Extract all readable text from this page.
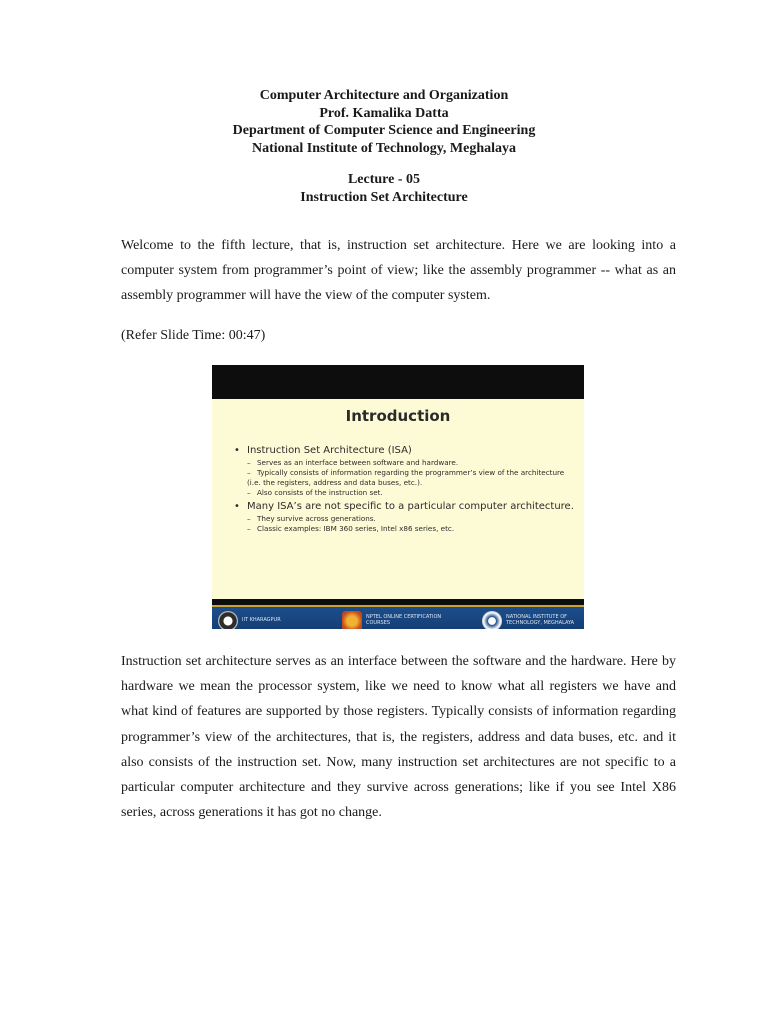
Computer Architecture and Organization
Prof. Kamalika Datta
Department of Computer Science and Engineering
National Institute of Technology, Meghalaya
Lecture - 05
Instruction Set Architecture
Welcome to the fifth lecture, that is, instruction set architecture. Here we are looking into a computer system from programmer’s point of view; like the assembly programmer -- what as an assembly programmer will have the view of the computer system.
(Refer Slide Time: 00:47)
Introduction
• Instruction Set Architecture (ISA)
– Serves as an interface between software and hardware.
– Typically consists of information regarding the programmer’s view of the architecture (i.e. the registers, address and data buses, etc.).
– Also consists of the instruction set.
• Many ISA’s are not specific to a particular computer architecture.
– They survive across generations.
– Classic examples: IBM 360 series, Intel x86 series, etc.
IIT KHARAGPUR	NPTEL ONLINE CERTIFICATION COURSES
NATIONAL INSTITUTE OF TECHNOLOGY, MEGHALAYA
Instruction set architecture serves as an interface between the software and the hardware. Here by hardware we mean the processor system, like we need to know what all registers we have and what kind of features are supported by those registers. Typically consists of information regarding programmer’s view of the architectures, that is, the registers, address and data buses, etc. and it also consists of the instruction set. Now, many instruction set architectures are not specific to a particular computer architecture and they survive across generations; like if you see Intel X86 series, across generations it has got no change.
